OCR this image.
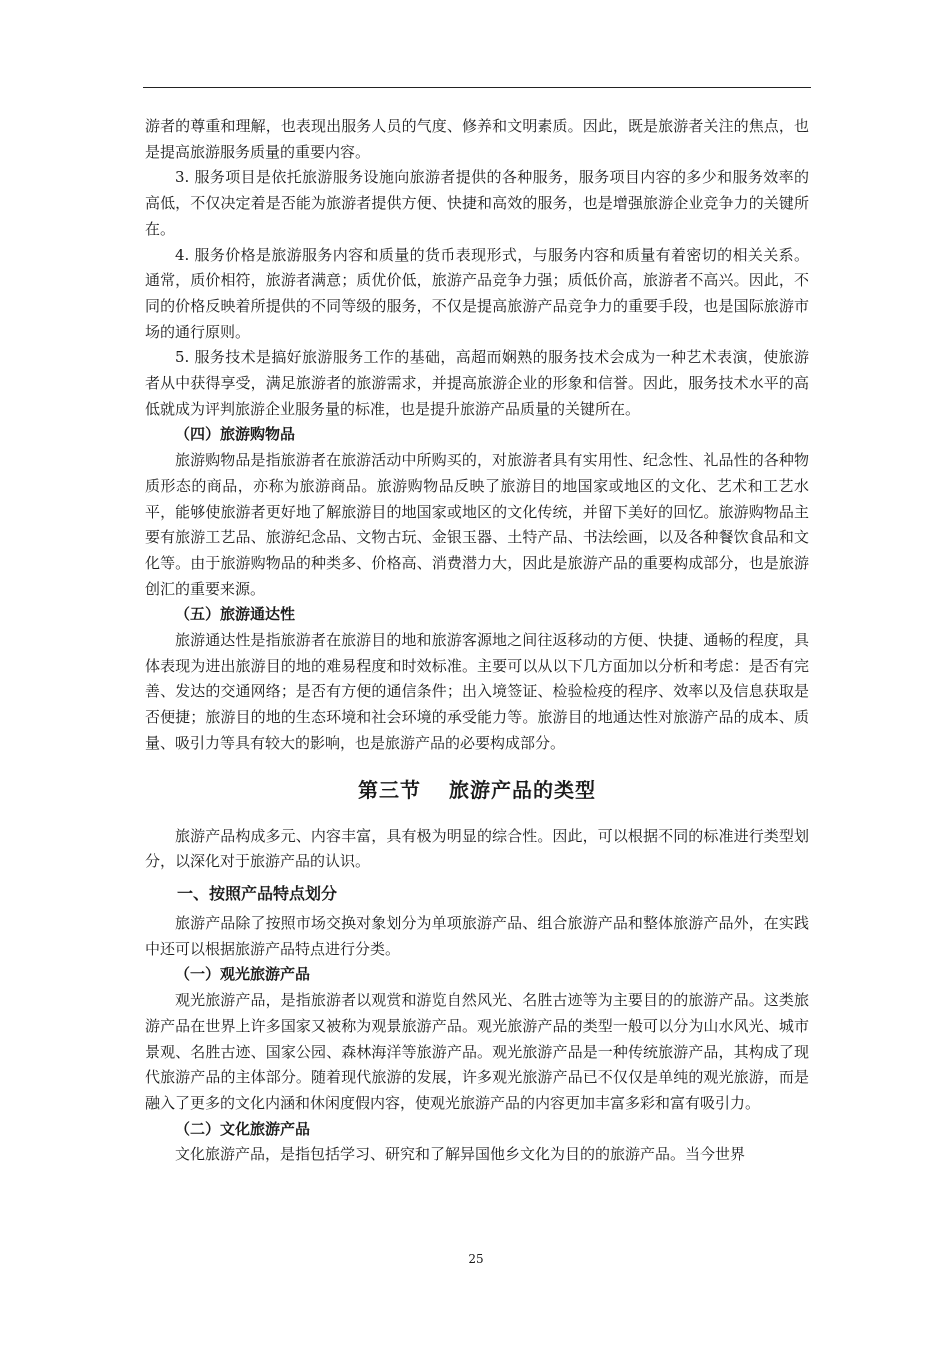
游者的尊重和理解，也表现出服务人员的气度、修养和文明素质。因此，既是旅游者关注的焦点，也是提高旅游服务质量的重要内容。

3. 服务项目是依托旅游服务设施向旅游者提供的各种服务，服务项目内容的多少和服务效率的高低，不仅决定着是否能为旅游者提供方便、快捷和高效的服务，也是增强旅游企业竞争力的关键所在。

4. 服务价格是旅游服务内容和质量的货币表现形式，与服务内容和质量有着密切的相关关系。通常，质价相符，旅游者满意；质优价低，旅游产品竞争力强；质低价高，旅游者不高兴。因此，不同的价格反映着所提供的不同等级的服务，不仅是提高旅游产品竞争力的重要手段，也是国际旅游市场的通行原则。

5. 服务技术是搞好旅游服务工作的基础，高超而娴熟的服务技术会成为一种艺术表演，使旅游者从中获得享受，满足旅游者的旅游需求，并提高旅游企业的形象和信誉。因此，服务技术水平的高低就成为评判旅游企业服务量的标准，也是提升旅游产品质量的关键所在。

（四）旅游购物品

旅游购物品是指旅游者在旅游活动中所购买的，对旅游者具有实用性、纪念性、礼品性的各种物质形态的商品，亦称为旅游商品。旅游购物品反映了旅游目的地国家或地区的文化、艺术和工艺水平，能够使旅游者更好地了解旅游目的地国家或地区的文化传统，并留下美好的回忆。旅游购物品主要有旅游工艺品、旅游纪念品、文物古玩、金银玉器、土特产品、书法绘画，以及各种餐饮食品和文化等。由于旅游购物品的种类多、价格高、消费潜力大，因此是旅游产品的重要构成部分，也是旅游创汇的重要来源。

（五）旅游通达性

旅游通达性是指旅游者在旅游目的地和旅游客源地之间往返移动的方便、快捷、通畅的程度，具体表现为进出旅游目的地的难易程度和时效标准。主要可以从以下几方面加以分析和考虑：是否有完善、发达的交通网络；是否有方便的通信条件；出入境签证、检验检疫的程序、效率以及信息获取是否便捷；旅游目的地的生态环境和社会环境的承受能力等。旅游目的地通达性对旅游产品的成本、质量、吸引力等具有较大的影响，也是旅游产品的必要构成部分。

第三节 旅游产品的类型

旅游产品构成多元、内容丰富，具有极为明显的综合性。因此，可以根据不同的标准进行类型划分，以深化对于旅游产品的认识。

一、按照产品特点划分

旅游产品除了按照市场交换对象划分为单项旅游产品、组合旅游产品和整体旅游产品外，在实践中还可以根据旅游产品特点进行分类。

（一）观光旅游产品

观光旅游产品，是指旅游者以观赏和游览自然风光、名胜古迹等为主要目的的旅游产品。这类旅游产品在世界上许多国家又被称为观景旅游产品。观光旅游产品的类型一般可以分为山水风光、城市景观、名胜古迹、国家公园、森林海洋等旅游产品。观光旅游产品是一种传统旅游产品，其构成了现代旅游产品的主体部分。随着现代旅游的发展，许多观光旅游产品已不仅仅是单纯的观光旅游，而是融入了更多的文化内涵和休闲度假内容，使观光旅游产品的内容更加丰富多彩和富有吸引力。

（二）文化旅游产品

文化旅游产品，是指包括学习、研究和了解异国他乡文化为目的的旅游产品。当今世界

25
